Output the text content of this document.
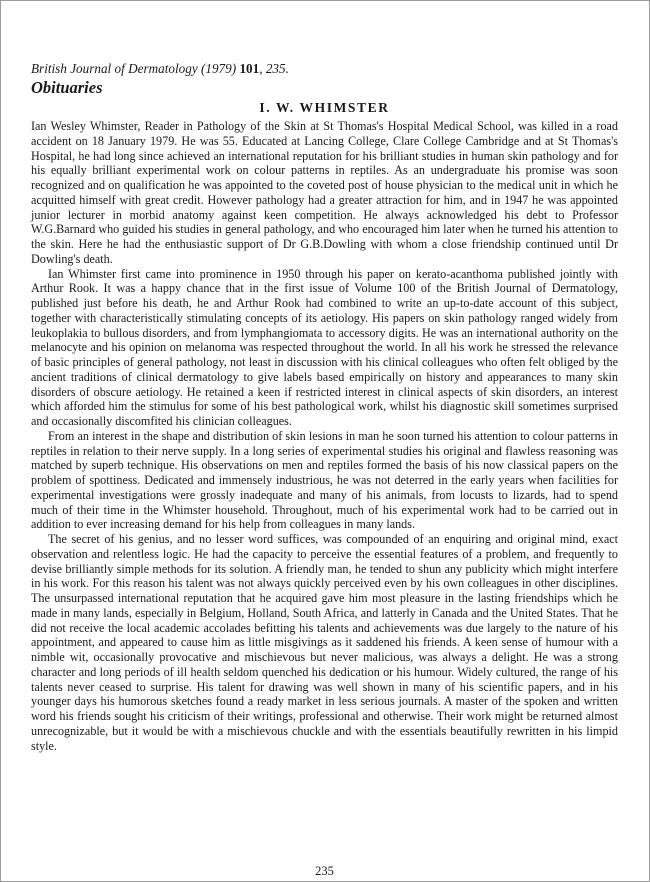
British Journal of Dermatology (1979) 101, 235.

Obituaries
I. W. WHIMSTER

Ian Wesley Whimster, Reader in Pathology of the Skin at St Thomas's Hospital Medical School, was killed in a road accident on 18 January 1979. He was 55. Educated at Lancing College, Clare College Cambridge and at St Thomas's Hospital, he had long since achieved an international reputation for his brilliant studies in human skin pathology and for his equally brilliant experimental work on colour patterns in reptiles. As an undergraduate his promise was soon recognized and on qualification he was appointed to the coveted post of house physician to the medical unit in which he acquitted himself with great credit. However pathology had a greater attraction for him, and in 1947 he was appointed junior lecturer in morbid anatomy against keen competition. He always acknowledged his debt to Professor W.G.Barnard who guided his studies in general pathology, and who encouraged him later when he turned his attention to the skin. Here he had the enthusiastic support of Dr G.B.Dowling with whom a close friendship continued until Dr Dowling's death.

Ian Whimster first came into prominence in 1950 through his paper on kerato-acanthoma published jointly with Arthur Rook. It was a happy chance that in the first issue of Volume 100 of the British Journal of Dermatology, published just before his death, he and Arthur Rook had combined to write an up-to-date account of this subject, together with characteristically stimulating concepts of its aetiology. His papers on skin pathology ranged widely from leukoplakia to bullous disorders, and from lymphangiomata to accessory digits. He was an international authority on the melanocyte and his opinion on melanoma was respected throughout the world. In all his work he stressed the relevance of basic principles of general pathology, not least in discussion with his clinical colleagues who often felt obliged by the ancient traditions of clinical dermatology to give labels based empirically on history and appearances to many skin disorders of obscure aetiology. He retained a keen if restricted interest in clinical aspects of skin disorders, an interest which afforded him the stimulus for some of his best pathological work, whilst his diagnostic skill sometimes surprised and occasionally discomfited his clinician colleagues.

From an interest in the shape and distribution of skin lesions in man he soon turned his attention to colour patterns in reptiles in relation to their nerve supply. In a long series of experimental studies his original and flawless reasoning was matched by superb technique. His observations on men and reptiles formed the basis of his now classical papers on the problem of spottiness. Dedicated and immensely industrious, he was not deterred in the early years when facilities for experimental investigations were grossly inadequate and many of his animals, from locusts to lizards, had to spend much of their time in the Whimster household. Throughout, much of his experimental work had to be carried out in addition to ever increasing demand for his help from colleagues in many lands.

The secret of his genius, and no lesser word suffices, was compounded of an enquiring and original mind, exact observation and relentless logic. He had the capacity to perceive the essential features of a problem, and frequently to devise brilliantly simple methods for its solution. A friendly man, he tended to shun any publicity which might interfere in his work. For this reason his talent was not always quickly perceived even by his own colleagues in other disciplines. The unsurpassed international reputation that he acquired gave him most pleasure in the lasting friendships which he made in many lands, especially in Belgium, Holland, South Africa, and latterly in Canada and the United States. That he did not receive the local academic accolades befitting his talents and achievements was due largely to the nature of his appointment, and appeared to cause him as little misgivings as it saddened his friends. A keen sense of humour with a nimble wit, occasionally provocative and mischievous but never malicious, was always a delight. He was a strong character and long periods of ill health seldom quenched his dedication or his humour. Widely cultured, the range of his talents never ceased to surprise. His talent for drawing was well shown in many of his scientific papers, and in his younger days his humorous sketches found a ready market in less serious journals. A master of the spoken and written word his friends sought his criticism of their writings, professional and otherwise. Their work might be returned almost unrecognizable, but it would be with a mischievous chuckle and with the essentials beautifully rewritten in his limpid style.

235
